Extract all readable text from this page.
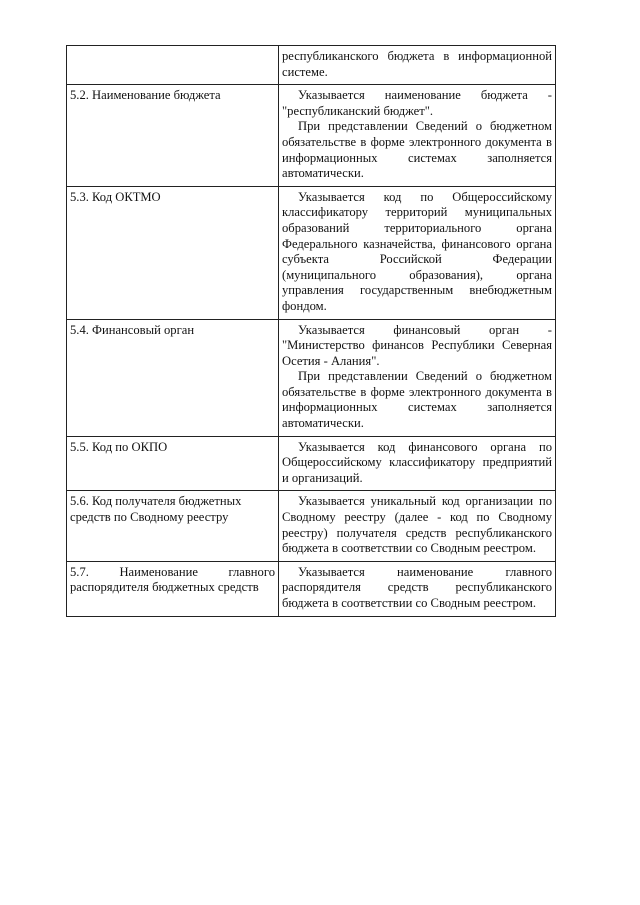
	республиканского бюджета в информационной системе.

5.2. Наименование бюджета	Указывается наименование бюджета - "республиканский бюджет".
При представлении Сведений о бюджетном обязательстве в форме электронного документа в информационных системах заполняется автоматически.

5.3. Код ОКТМО	Указывается код по Общероссийскому классификатору территорий муниципальных образований территориального органа Федерального казначейства, финансового органа субъекта Российской Федерации (муниципального образования), органа управления государственным внебюджетным фондом.

5.4. Финансовый орган	Указывается финансовый орган - "Министерство финансов Республики Северная Осетия - Алания".
При представлении Сведений о бюджетном обязательстве в форме электронного документа в информационных системах заполняется автоматически.

5.5. Код по ОКПО	Указывается код финансового органа по Общероссийскому классификатору предприятий и организаций.

5.6. Код получателя бюджетных средств по Сводному реестру	Указывается уникальный код организации по Сводному реестру (далее - код по Сводному реестру) получателя средств республиканского бюджета в соответствии со Сводным реестром.

5.7. Наименование главного распорядителя бюджетных средств	Указывается наименование главного распорядителя средств республиканского бюджета в соответствии со Сводным реестром.
